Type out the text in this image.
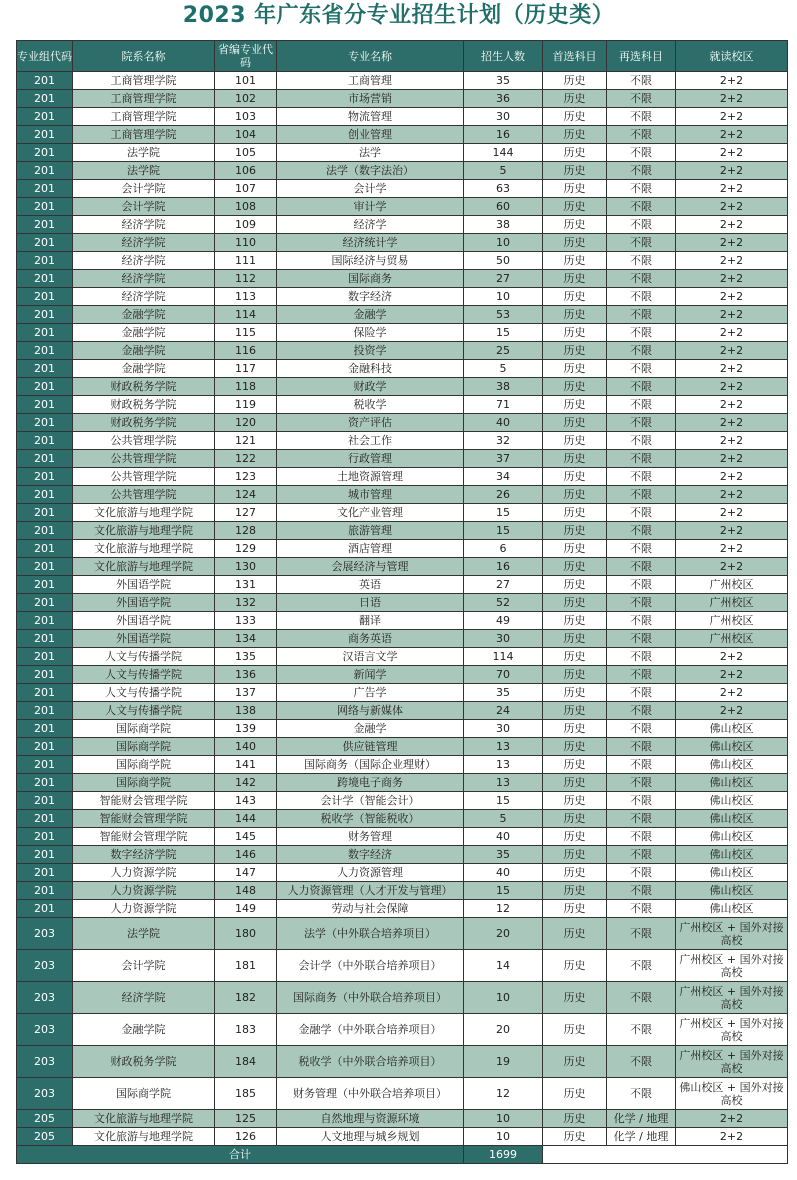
2023 年广东省分专业招生计划（历史类）
专业组代码	院系名称	省编专业代码	专业名称	招生人数	首选科目	再选科目	就读校区
201	工商管理学院	101	工商管理	35	历史	不限	2+2
201	工商管理学院	102	市场营销	36	历史	不限	2+2
201	工商管理学院	103	物流管理	30	历史	不限	2+2
201	工商管理学院	104	创业管理	16	历史	不限	2+2
201	法学院	105	法学	144	历史	不限	2+2
201	法学院	106	法学（数字法治）	5	历史	不限	2+2
201	会计学院	107	会计学	63	历史	不限	2+2
201	会计学院	108	审计学	60	历史	不限	2+2
201	经济学院	109	经济学	38	历史	不限	2+2
201	经济学院	110	经济统计学	10	历史	不限	2+2
201	经济学院	111	国际经济与贸易	50	历史	不限	2+2
201	经济学院	112	国际商务	27	历史	不限	2+2
201	经济学院	113	数字经济	10	历史	不限	2+2
201	金融学院	114	金融学	53	历史	不限	2+2
201	金融学院	115	保险学	15	历史	不限	2+2
201	金融学院	116	投资学	25	历史	不限	2+2
201	金融学院	117	金融科技	5	历史	不限	2+2
201	财政税务学院	118	财政学	38	历史	不限	2+2
201	财政税务学院	119	税收学	71	历史	不限	2+2
201	财政税务学院	120	资产评估	40	历史	不限	2+2
201	公共管理学院	121	社会工作	32	历史	不限	2+2
201	公共管理学院	122	行政管理	37	历史	不限	2+2
201	公共管理学院	123	土地资源管理	34	历史	不限	2+2
201	公共管理学院	124	城市管理	26	历史	不限	2+2
201	文化旅游与地理学院	127	文化产业管理	15	历史	不限	2+2
201	文化旅游与地理学院	128	旅游管理	15	历史	不限	2+2
201	文化旅游与地理学院	129	酒店管理	6	历史	不限	2+2
201	文化旅游与地理学院	130	会展经济与管理	16	历史	不限	2+2
201	外国语学院	131	英语	27	历史	不限	广州校区
201	外国语学院	132	日语	52	历史	不限	广州校区
201	外国语学院	133	翻译	49	历史	不限	广州校区
201	外国语学院	134	商务英语	30	历史	不限	广州校区
201	人文与传播学院	135	汉语言文学	114	历史	不限	2+2
201	人文与传播学院	136	新闻学	70	历史	不限	2+2
201	人文与传播学院	137	广告学	35	历史	不限	2+2
201	人文与传播学院	138	网络与新媒体	24	历史	不限	2+2
201	国际商学院	139	金融学	30	历史	不限	佛山校区
201	国际商学院	140	供应链管理	13	历史	不限	佛山校区
201	国际商学院	141	国际商务（国际企业理财）	13	历史	不限	佛山校区
201	国际商学院	142	跨境电子商务	13	历史	不限	佛山校区
201	智能财会管理学院	143	会计学（智能会计）	15	历史	不限	佛山校区
201	智能财会管理学院	144	税收学（智能税收）	5	历史	不限	佛山校区
201	智能财会管理学院	145	财务管理	40	历史	不限	佛山校区
201	数字经济学院	146	数字经济	35	历史	不限	佛山校区
201	人力资源学院	147	人力资源管理	40	历史	不限	佛山校区
201	人力资源学院	148	人力资源管理（人才开发与管理）	15	历史	不限	佛山校区
201	人力资源学院	149	劳动与社会保障	12	历史	不限	佛山校区
203	法学院	180	法学（中外联合培养项目）	20	历史	不限	广州校区 + 国外对接高校
203	会计学院	181	会计学（中外联合培养项目）	14	历史	不限	广州校区 + 国外对接高校
203	经济学院	182	国际商务（中外联合培养项目）	10	历史	不限	广州校区 + 国外对接高校
203	金融学院	183	金融学（中外联合培养项目）	20	历史	不限	广州校区 + 国外对接高校
203	财政税务学院	184	税收学（中外联合培养项目）	19	历史	不限	广州校区 + 国外对接高校
203	国际商学院	185	财务管理（中外联合培养项目）	12	历史	不限	佛山校区 + 国外对接高校
205	文化旅游与地理学院	125	自然地理与资源环境	10	历史	化学 / 地理	2+2
205	文化旅游与地理学院	126	人文地理与城乡规划	10	历史	化学 / 地理	2+2
合计				1699			
